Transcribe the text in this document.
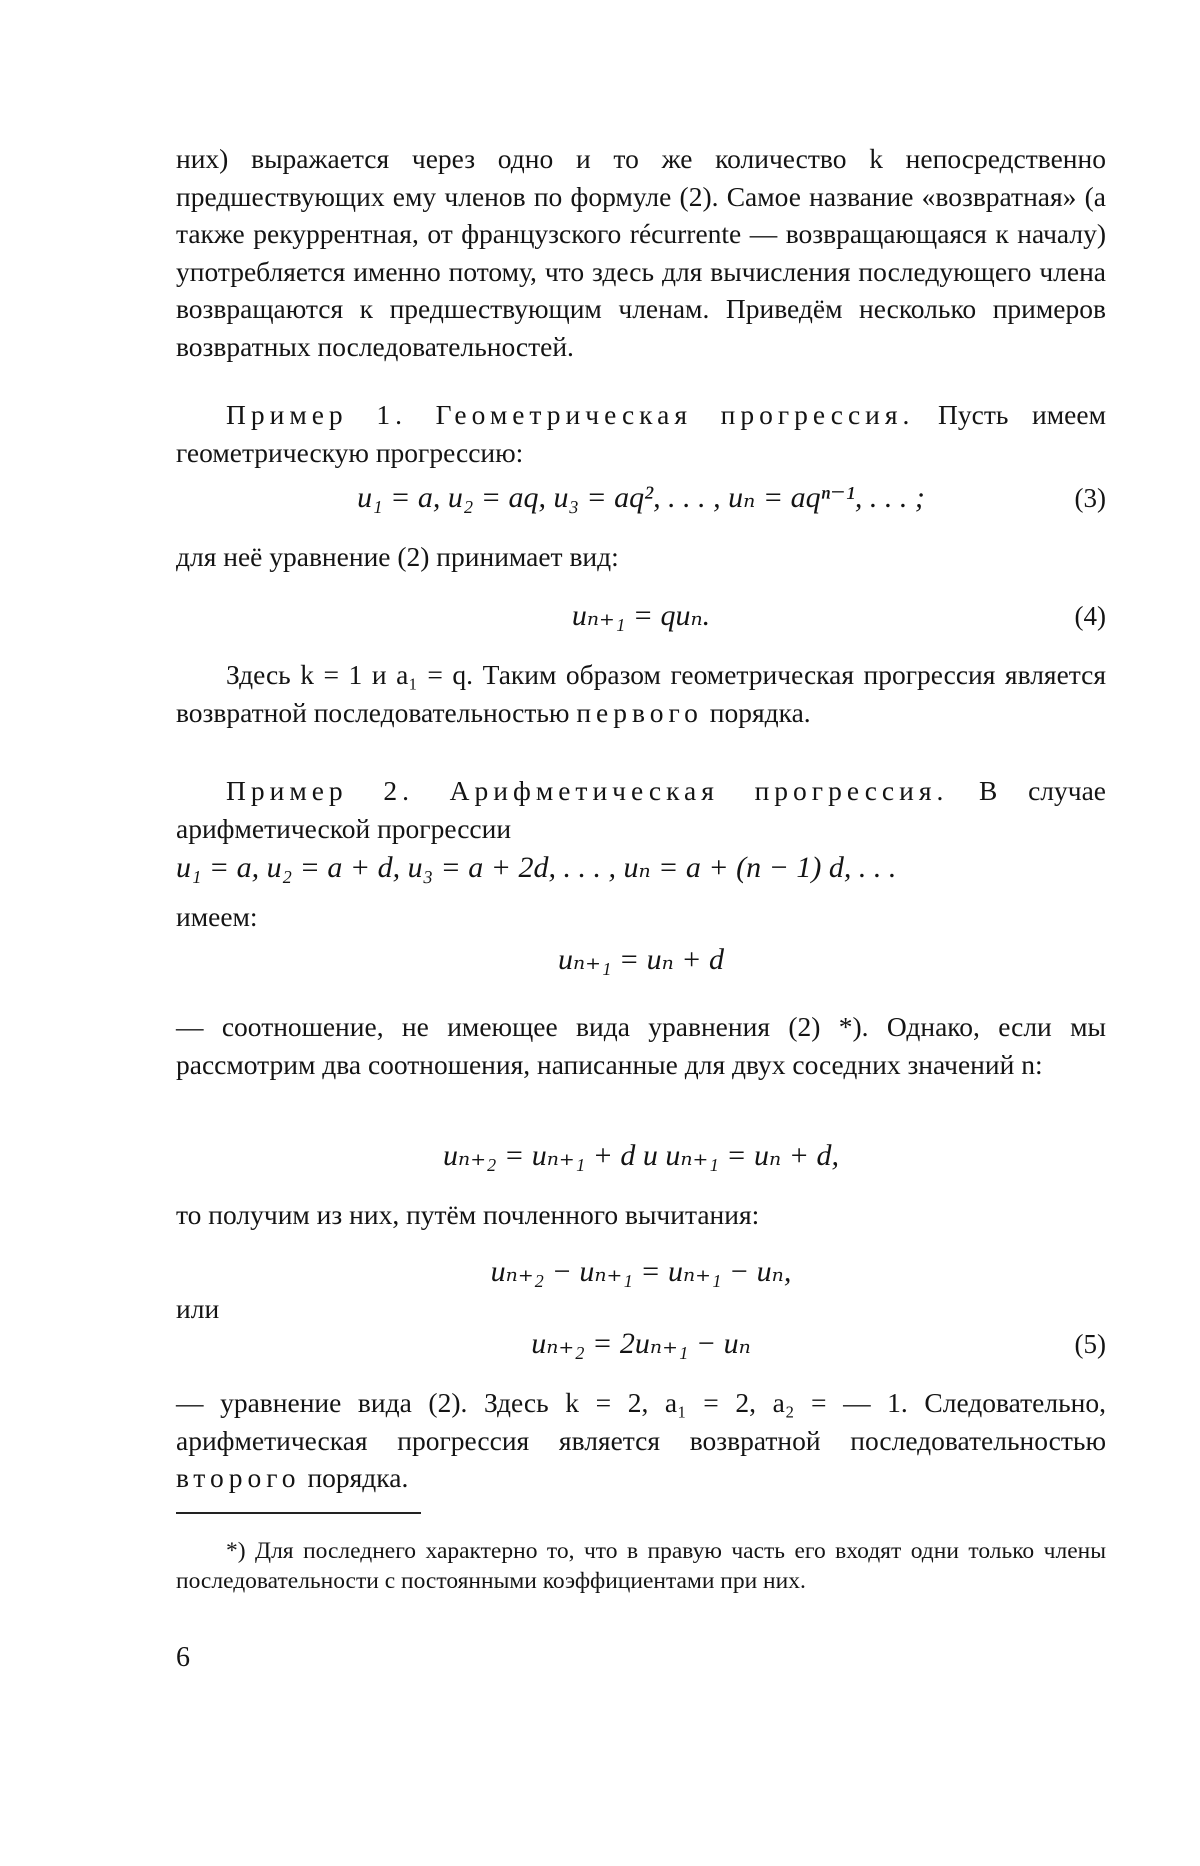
них) выражается через одно и то же количество k непосредственно предшествующих ему членов по формуле (2). Самое название «возвратная» (а также рекуррентная, от французского récurrente — возвращающаяся к началу) употребляется именно потому, что здесь для вычисления последующего члена возвращаются к предшествующим членам. Приведём несколько примеров возвратных последовательностей.

Пример 1. Геометрическая прогрессия. Пусть имеем геометрическую прогрессию:

u₁ = a, u₂ = aq, u₃ = aq², . . . , uₙ = aqⁿ⁻¹, . . . ;	(3)

для неё уравнение (2) принимает вид:

uₙ₊₁ = quₙ.	(4)

Здесь k = 1 и a₁ = q. Таким образом геометрическая прогрессия является возвратной последовательностью первого порядка.

Пример 2. Арифметическая прогрессия. В случае арифметической прогрессии

u₁ = a, u₂ = a + d, u₃ = a + 2d, . . . , uₙ = a + (n − 1) d, . . .
имеем:
uₙ₊₁ = uₙ + d

— соотношение, не имеющее вида уравнения (2) *). Однако, если мы рассмотрим два соотношения, написанные для двух соседних значений n:

uₙ₊₂ = uₙ₊₁ + d и uₙ₊₁ = uₙ + d,

то получим из них, путём почленного вычитания:

uₙ₊₂ − uₙ₊₁ = uₙ₊₁ − uₙ,
или
uₙ₊₂ = 2uₙ₊₁ − uₙ	(5)

— уравнение вида (2). Здесь k = 2, a₁ = 2, a₂ = — 1. Следовательно, арифметическая прогрессия является возвратной последовательностью второго порядка.

*) Для последнего характерно то, что в правую часть его входят одни только члены последовательности с постоянными коэффициентами при них.

6
